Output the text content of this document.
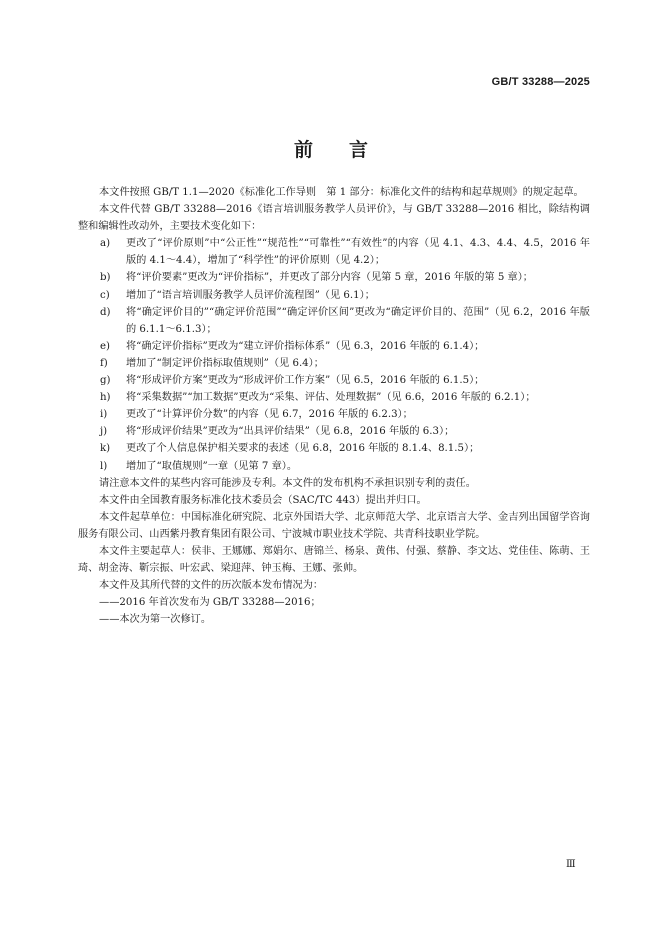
GB/T 33288—2025
前言

本文件按照 GB/T 1.1—2020《标准化工作导则　第 1 部分：标准化文件的结构和起草规则》的规定起草。

本文件代替 GB/T 33288—2016《语言培训服务教学人员评价》，与 GB/T 33288—2016 相比，除结构调整和编辑性改动外，主要技术变化如下：

a) 更改了“评价原则”中“公正性”“规范性”“可靠性”“有效性”的内容（见 4.1、4.3、4.4、4.5，2016 年版的 4.1～4.4），增加了“科学性”的评价原则（见 4.2）；

b) 将“评价要素”更改为“评价指标”，并更改了部分内容（见第 5 章，2016 年版的第 5 章）；

c) 增加了“语言培训服务教学人员评价流程图”（见 6.1）；

d) 将“确定评价目的”“确定评价范围”“确定评价区间”更改为“确定评价目的、范围”（见 6.2，2016 年版的 6.1.1～6.1.3）；

e) 将“确定评价指标”更改为“建立评价指标体系”（见 6.3，2016 年版的 6.1.4）；

f)	增加了“制定评价指标取值规则”（见 6.4）；

g) 将“形成评价方案”更改为“形成评价工作方案”（见 6.5，2016 年版的 6.1.5）；

h) 将“采集数据”“加工数据”更改为“采集、评估、处理数据”（见 6.6，2016 年版的 6.2.1）；

i)	更改了“计算评价分数”的内容（见 6.7，2016 年版的 6.2.3）；

j)	将“形成评价结果”更改为“出具评价结果”（见 6.8，2016 年版的 6.3）；

k) 更改了个人信息保护相关要求的表述（见 6.8，2016 年版的 8.1.4、8.1.5）；

l)	增加了“取值规则”一章（见第 7 章）。

请注意本文件的某些内容可能涉及专利。本文件的发布机构不承担识别专利的责任。

本文件由全国教育服务标准化技术委员会（SAC/TC 443）提出并归口。

本文件起草单位：中国标准化研究院、北京外国语大学、北京师范大学、北京语言大学、金吉列出国留学咨询服务有限公司、山西紫丹教育集团有限公司、宁波城市职业技术学院、共青科技职业学院。

本文件主要起草人：侯非、王娜娜、郑娟尔、唐锦兰、杨泉、黄伟、付强、蔡静、李文达、党佳佳、陈萌、王琦、胡金涛、靳宗振、叶宏武、梁迎萍、钟玉梅、王娜、张帅。

本文件及其所代替的文件的历次版本发布情况为：

——2016 年首次发布为 GB/T 33288—2016；

——本次为第一次修订。

Ⅲ
